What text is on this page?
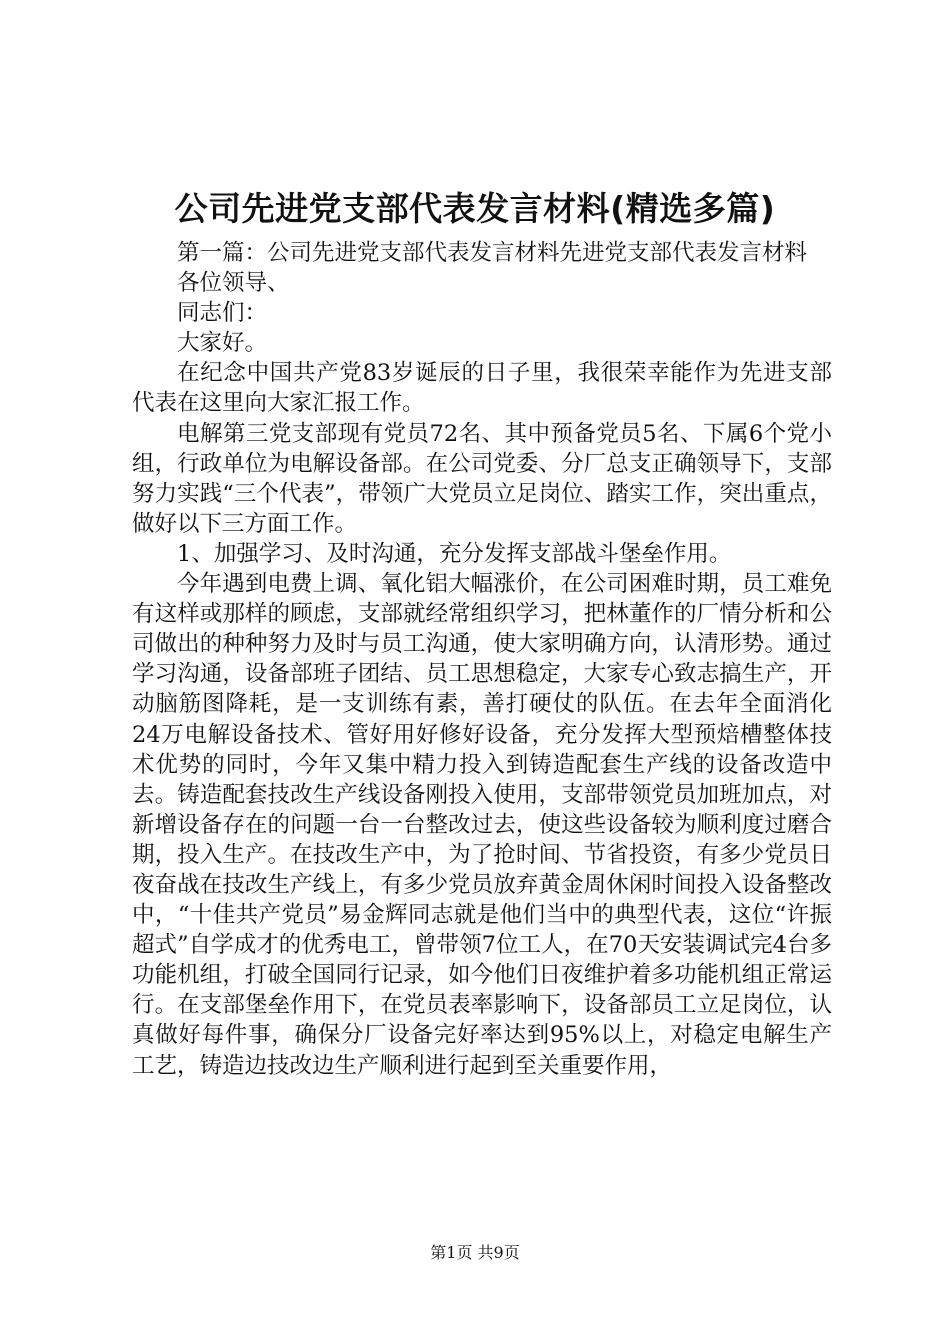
公司先进党支部代表发言材料(精选多篇)

第一篇：公司先进党支部代表发言材料先进党支部代表发言材料

各位领导、

同志们：

大家好。

在纪念中国共产党83岁诞辰的日子里，我很荣幸能作为先进支部代表在这里向大家汇报工作。

电解第三党支部现有党员72名、其中预备党员5名、下属6个党小组，行政单位为电解设备部。在公司党委、分厂总支正确领导下，支部努力实践“三个代表”，带领广大党员立足岗位、踏实工作，突出重点，做好以下三方面工作。

1、加强学习、及时沟通，充分发挥支部战斗堡垒作用。

今年遇到电费上调、氧化铝大幅涨价，在公司困难时期，员工难免有这样或那样的顾虑，支部就经常组织学习，把林董作的厂情分析和公司做出的种种努力及时与员工沟通，使大家明确方向，认清形势。通过学习沟通，设备部班子团结、员工思想稳定，大家专心致志搞生产，开动脑筋图降耗，是一支训练有素，善打硬仗的队伍。在去年全面消化24万电解设备技术、管好用好修好设备，充分发挥大型预焙槽整体技术优势的同时，今年又集中精力投入到铸造配套生产线的设备改造中去。铸造配套技改生产线设备刚投入使用，支部带领党员加班加点，对新增设备存在的问题一台一台整改过去，使这些设备较为顺利度过磨合期，投入生产。在技改生产中，为了抢时间、节省投资，有多少党员日夜奋战在技改生产线上，有多少党员放弃黄金周休闲时间投入设备整改中，“十佳共产党员”易金辉同志就是他们当中的典型代表，这位“许振超式”自学成才的优秀电工，曾带领7位工人，在70天安装调试完4台多功能机组，打破全国同行记录，如今他们日夜维护着多功能机组正常运行。在支部堡垒作用下，在党员表率影响下，设备部员工立足岗位，认真做好每件事，确保分厂设备完好率达到95%以上，对稳定电解生产工艺，铸造边技改边生产顺利进行起到至关重要作用，

第1页 共9页
